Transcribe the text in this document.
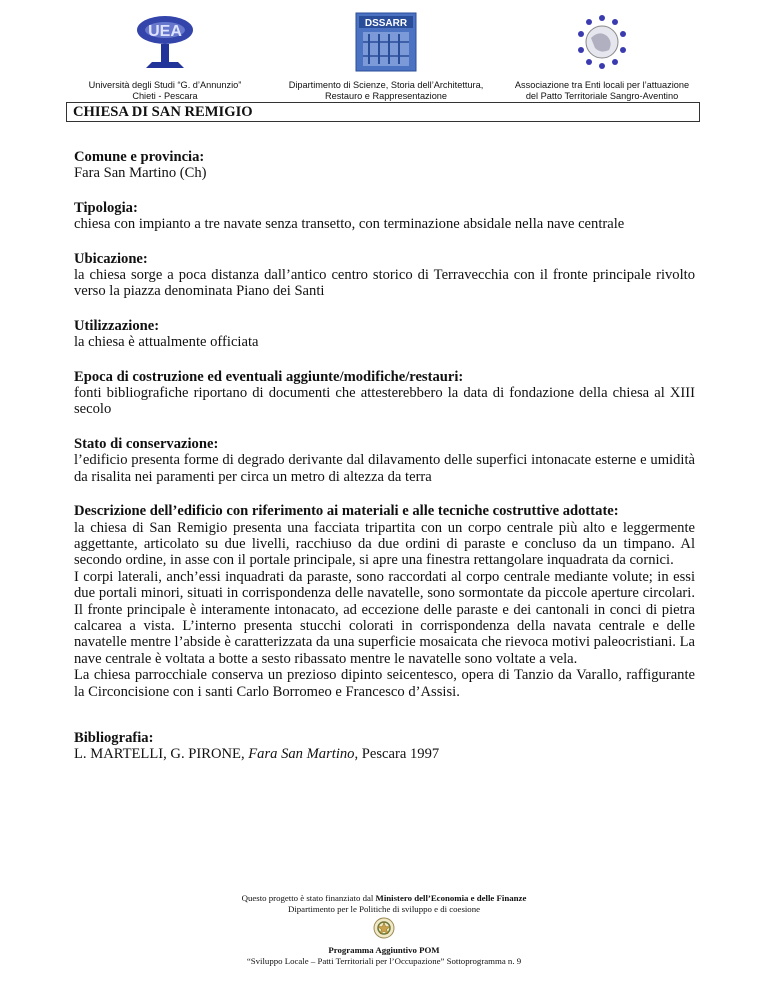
UEA
Università degli Studi “G. d’Annunzio”
Chieti - Pescara
DSSARR
Dipartimento di Scienze, Storia dell’Architettura,
Restauro e Rappresentazione
Associazione tra Enti locali per l’attuazione
del Patto Territoriale Sangro-Aventino
CHIESA DI SAN REMIGIO
Comune e provincia:
Fara San Martino (Ch)
Tipologia:
chiesa con impianto a tre navate senza transetto, con terminazione absidale nella nave centrale
Ubicazione:
la chiesa sorge a poca distanza dall’antico centro storico di Terravecchia con il fronte principale rivolto verso la piazza denominata Piano dei Santi
Utilizzazione:
la chiesa è attualmente officiata
Epoca di costruzione ed eventuali aggiunte/modifiche/restauri:
fonti bibliografiche riportano di documenti che attesterebbero la data di fondazione della chiesa al XIII secolo
Stato di conservazione:
l’edificio presenta forme di degrado derivante dal dilavamento delle superfici intonacate esterne e umidità da risalita nei paramenti per circa un metro di altezza da terra
Descrizione dell’edificio con riferimento ai materiali e alle tecniche costruttive adottate:
la chiesa di San Remigio presenta una facciata tripartita con un corpo centrale più alto e leggermente aggettante, articolato su due livelli, racchiuso da due ordini di paraste e concluso da un timpano. Al secondo ordine, in asse con il portale principale, si apre una finestra rettangolare inquadrata da cornici.
I corpi laterali, anch’essi inquadrati da paraste, sono raccordati al corpo centrale mediante volute; in essi due portali minori, situati in corrispondenza delle navatelle, sono sormontate da piccole aperture circolari. Il fronte principale è interamente intonacato, ad eccezione delle paraste e dei cantonali in conci di pietra calcarea a vista. L’interno presenta stucchi colorati in corrispondenza della navata centrale e delle navatelle mentre l’abside è caratterizzata da una superficie mosaicata che rievoca motivi paleocristiani. La nave centrale è voltata a botte a sesto ribassato mentre le navatelle sono voltate a vela.
La chiesa parrocchiale conserva un prezioso dipinto seicentesco, opera di Tanzio da Varallo, raffigurante la Circoncisione con i santi Carlo Borromeo e Francesco d’Assisi.
Bibliografia:
L. MARTELLI, G. PIRONE, Fara San Martino, Pescara 1997
Questo progetto è stato finanziato dal Ministero dell’Economia e delle Finanze
Dipartimento per le Politiche di sviluppo e di coesione
Programma Aggiuntivo POM
“Sviluppo Locale – Patti Territoriali per l’Occupazione” Sottoprogramma n. 9
